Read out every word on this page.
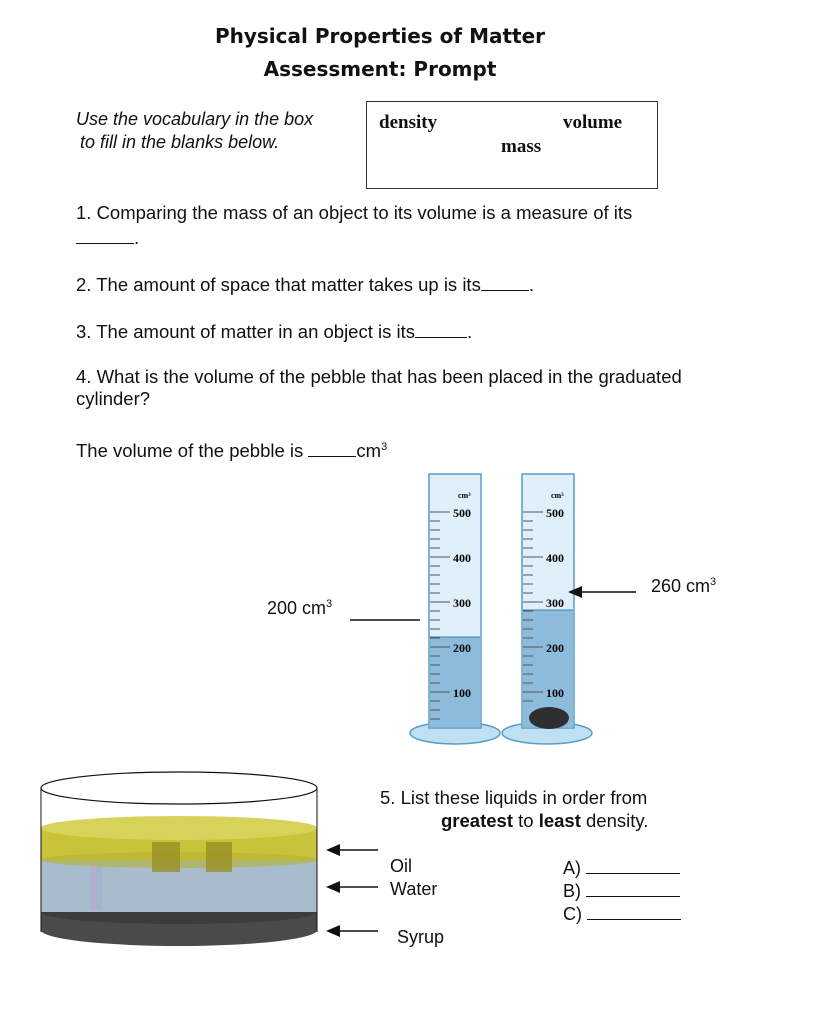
Physical Properties of Matter
Assessment: Prompt
Use the vocabulary in the box
to fill in the blanks below.
density	volume
mass
1. Comparing the mass of an object to its volume is a measure of its
.
2. The amount of space that matter takes up is its	.
3. The amount of matter in an object is its	.
4. What is the volume of the pebble that has been placed in the graduated
cylinder?
The volume of the pebble is	$cm^3$
200 $cm^3$
260 $cm^3$
cm³
500
400
300
200
100
cm³
500
400
300
200
100
Oil
Water
Syrup
5. List these liquids in order from
greatest to least density.
A)
B)
C)
